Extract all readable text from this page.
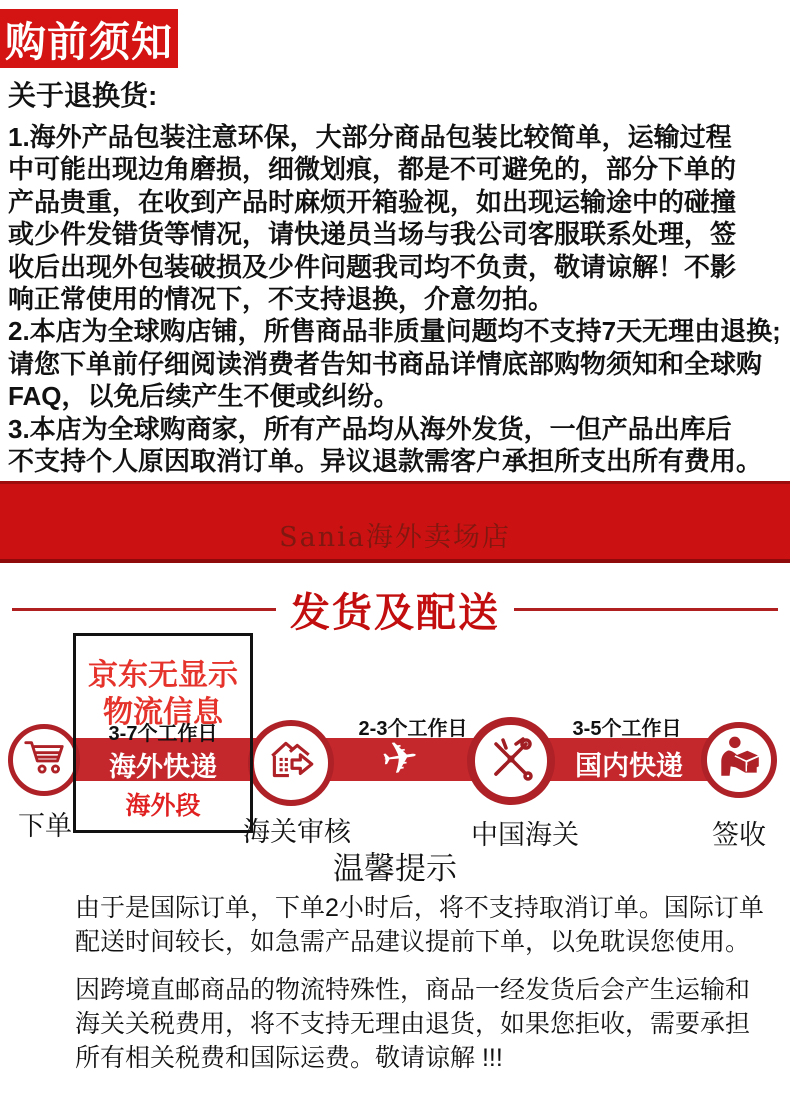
购前须知
关于退换货:
1.海外产品包装注意环保，大部分商品包装比较简单，运输过程
中可能出现边角磨损，细微划痕，都是不可避免的，部分下单的
产品贵重，在收到产品时麻烦开箱验视，如出现运输途中的碰撞
或少件发错货等情况，请快递员当场与我公司客服联系处理，签
收后出现外包装破损及少件问题我司均不负责，敬请谅解！不影
响正常使用的情况下，不支持退换，介意勿拍。
2.本店为全球购店铺，所售商品非质量问题均不支持7天无理由退换;
请您下单前仔细阅读消费者告知书商品详情底部购物须知和全球购
FAQ，以免后续产生不便或纠纷。
3.本店为全球购商家，所有产品均从海外发货，一但产品出库后
不支持个人原因取消订单。异议退款需客户承担所支出所有费用。
Sania海外卖场店
发货及配送
京东无显示
物流信息
3-7个工作日
海外快递
海外段
2-3个工作日	3-5个工作日
✈	国内快递
下单	海关审核	中国海关	签收
温馨提示
由于是国际订单，下单2小时后，将不支持取消订单。国际订单
配送时间较长，如急需产品建议提前下单，以免耽误您使用。
因跨境直邮商品的物流特殊性，商品一经发货后会产生运输和
海关关税费用，将不支持无理由退货，如果您拒收，需要承担
所有相关税费和国际运费。敬请谅解 !!!
